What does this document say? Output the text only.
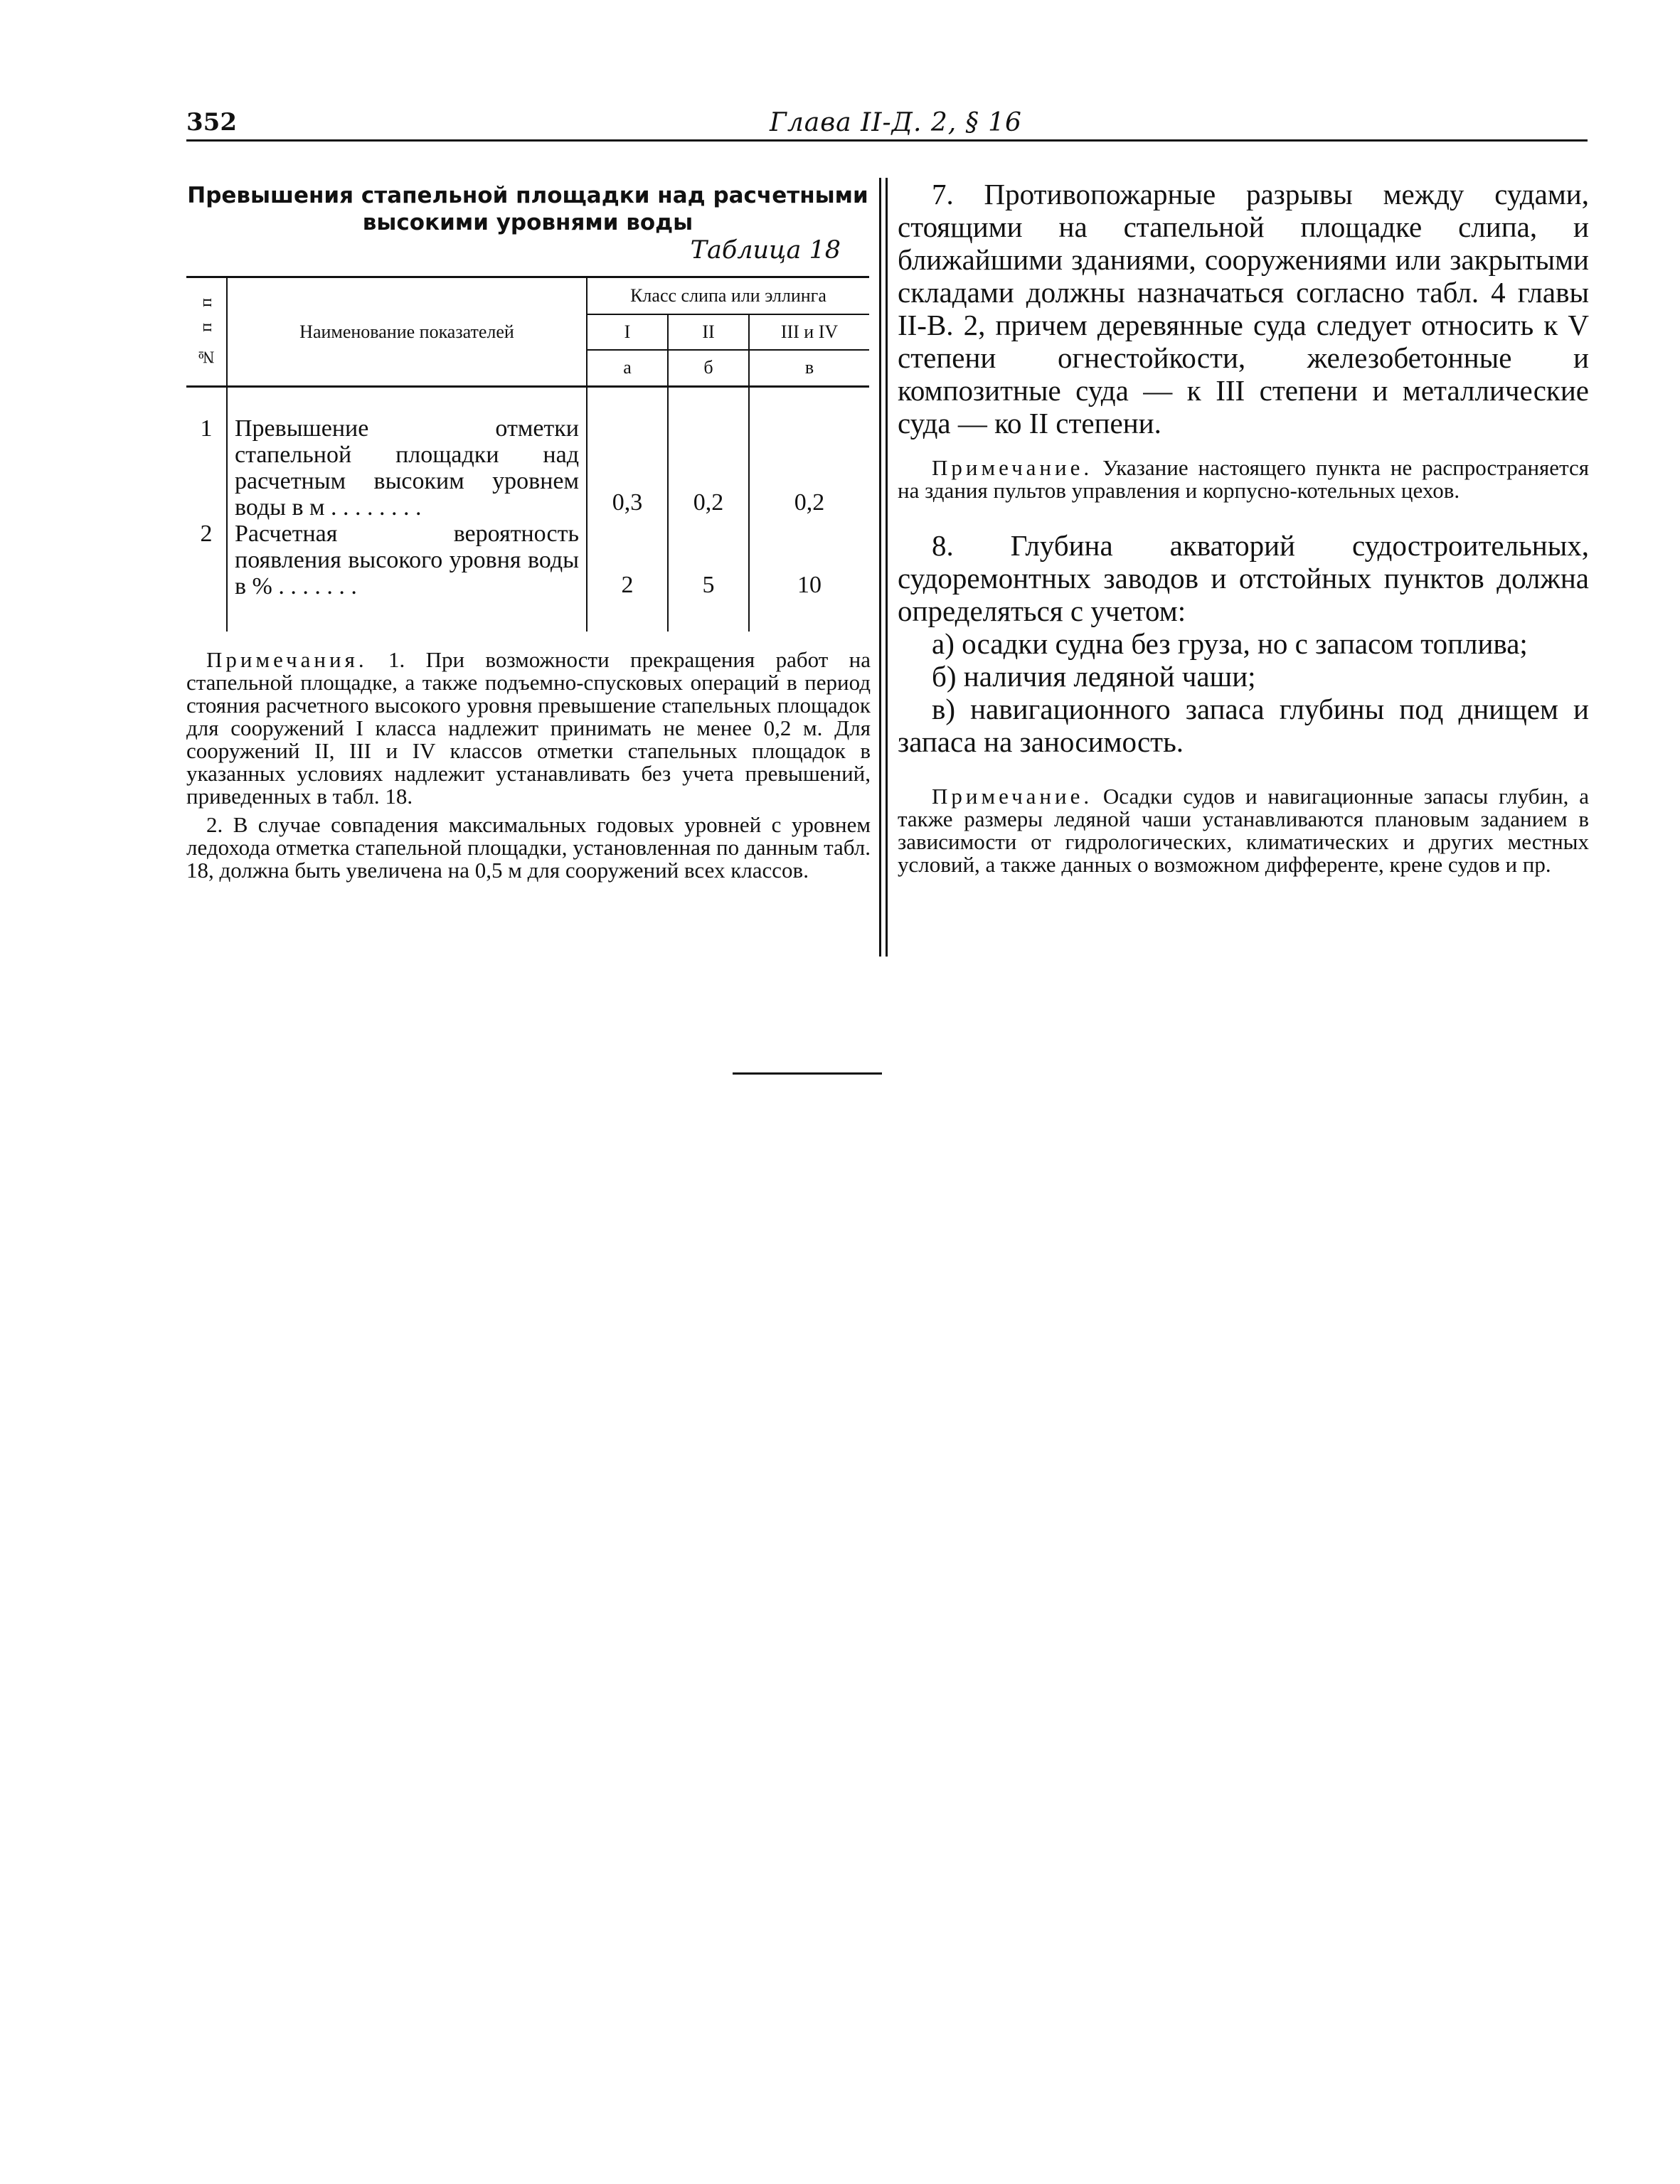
352	Глава II-Д. 2, § 16
Превышения стапельной площадки над расчетными
высокими уровнями воды
Таблица 18
№ п п	Наименование показателей	Класс слипа или эллинга		
		I	II	III и IV
		а	б	в

1	Превышение отметки стапельной площадки над расчетным высоким уровнем воды в м . . . . . . . .	0,3	0,2	0,2
2	Расчетная вероятность появления высокого уровня воды в % . . . . . . .	2	5	10

Примечания. 1. При возможности прекращения работ на стапельной площадке, а также подъемно-спусковых операций в период стояния расчетного высокого уровня превышение стапельных площадок для сооружений I класса надлежит принимать не менее 0,2 м. Для сооружений II, III и IV классов отметки стапельных площадок в указанных условиях надлежит устанавливать без учета превышений, приведенных в табл. 18.

2. В случае совпадения максимальных годовых уровней с уровнем ледохода отметка стапельной площадки, установленная по данным табл. 18, должна быть увеличена на 0,5 м для сооружений всех классов.

7. Противопожарные разрывы между судами, стоящими на стапельной площадке слипа, и ближайшими зданиями, сооружениями или закрытыми складами должны назначаться согласно табл. 4 главы II-В. 2, причем деревянные суда следует относить к V степени огнестойкости, железобетонные и композитные суда — к III степени и металлические суда — ко II степени.

Примечание. Указание настоящего пункта не распространяется на здания пультов управления и корпусно-котельных цехов.

8. Глубина акваторий судостроительных, судоремонтных заводов и отстойных пунктов должна определяться с учетом:

а) осадки судна без груза, но с запасом топлива;

б) наличия ледяной чаши;

в) навигационного запаса глубины под днищем и запаса на заносимость.

Примечание. Осадки судов и навигационные запасы глубин, а также размеры ледяной чаши устанавливаются плановым заданием в зависимости от гидрологических, климатических и других местных условий, а также данных о возможном дифференте, крене судов и пр.
